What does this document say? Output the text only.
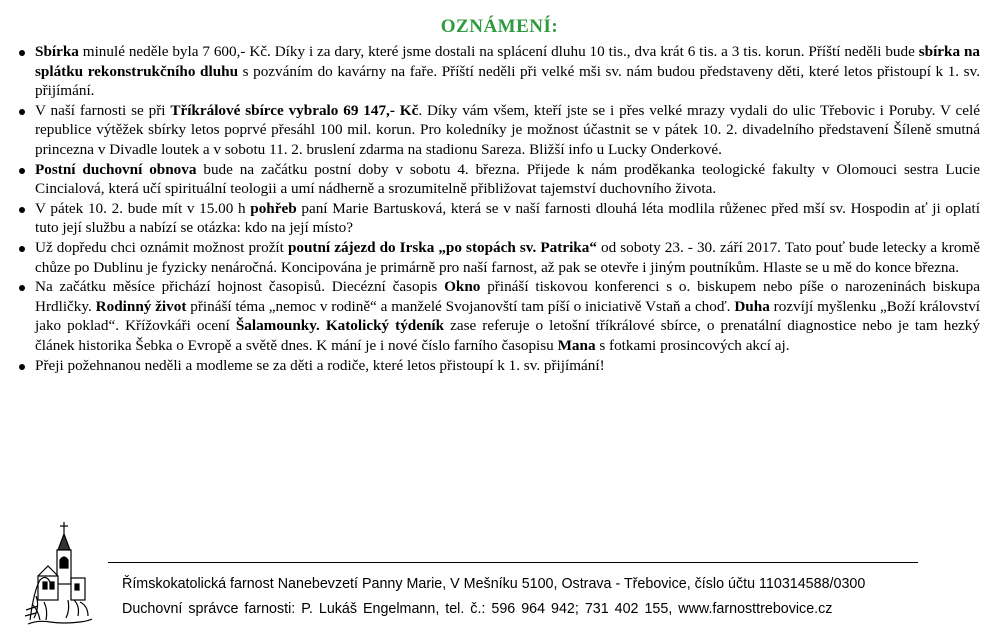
OZNÁMENÍ:
Sbírka minulé neděle byla 7 600,- Kč. Díky i za dary, které jsme dostali na splácení dluhu 10 tis., dva krát 6 tis. a 3 tis. korun. Příští neděli bude sbírka na splátku rekonstrukčního dluhu s pozváním do kavárny na faře. Příští neděli při velké mši sv. nám budou představeny děti, které letos přistoupí k 1. sv. přijímání.
V naší farnosti se při Tříkrálové sbírce vybralo 69 147,- Kč. Díky vám všem, kteří jste se i přes velké mrazy vydali do ulic Třebovic i Poruby. V celé republice výtěžek sbírky letos poprvé přesáhl 100 mil. korun. Pro koledníky je možnost účastnit se v pátek 10. 2. divadelního představení Šíleně smutná princezna v Divadle loutek a v sobotu 11. 2. bruslení zdarma na stadionu Sareza. Bližší info u Lucky Onderkové.
Postní duchovní obnova bude na začátku postní doby v sobotu 4. března. Přijede k nám proděkanka teologické fakulty v Olomouci sestra Lucie Cincialová, která učí spirituální teologii a umí nádherně a srozumitelně přibližovat tajemství duchovního života.
V pátek 10. 2. bude mít v 15.00 h pohřeb paní Marie Bartusková, která se v naší farnosti dlouhá léta modlila růženec před mší sv. Hospodin ať ji oplatí tuto její službu a nabízí se otázka: kdo na její místo?
Už dopředu chci oznámit možnost prožít poutní zájezd do Irska „po stopách sv. Patrika“ od soboty 23. - 30. září 2017. Tato pouť bude letecky a kromě chůze po Dublinu je fyzicky nenáročná. Koncipována je primárně pro naší farnost, až pak se otevře i jiným poutníkům. Hlaste se u mě do konce března.
Na začátku měsíce přichází hojnost časopisů. Diecézní časopis Okno přináší tiskovou konferenci s o. biskupem nebo píše o narozeninách biskupa Hrdličky. Rodinný život přináší téma „nemoc v rodině“ a manželé Svojanovští tam píší o iniciativě Vstaň a choď. Duha rozvíjí myšlenku „Boží království jako poklad“. Křížovkáři ocení Šalamounky. Katolický týdeník zase referuje o letošní tříkrálové sbírce, o prenatální diagnostice nebo je tam hezký článek historika Šebka o Evropě a světě dnes. K mání je i nové číslo farního časopisu Mana s fotkami prosincových akcí aj.
Přeji požehnanou neděli a modleme se za děti a rodiče, které letos přistoupí k 1. sv. přijímání!
Římskokatolická farnost Nanebevzetí Panny Marie, V Mešníku 5100, Ostrava - Třebovice, číslo účtu 110314588/0300
Duchovní správce farnosti: P. Lukáš Engelmann, tel. č.: 596 964 942; 731 402 155, www.farnosttrebovice.cz
